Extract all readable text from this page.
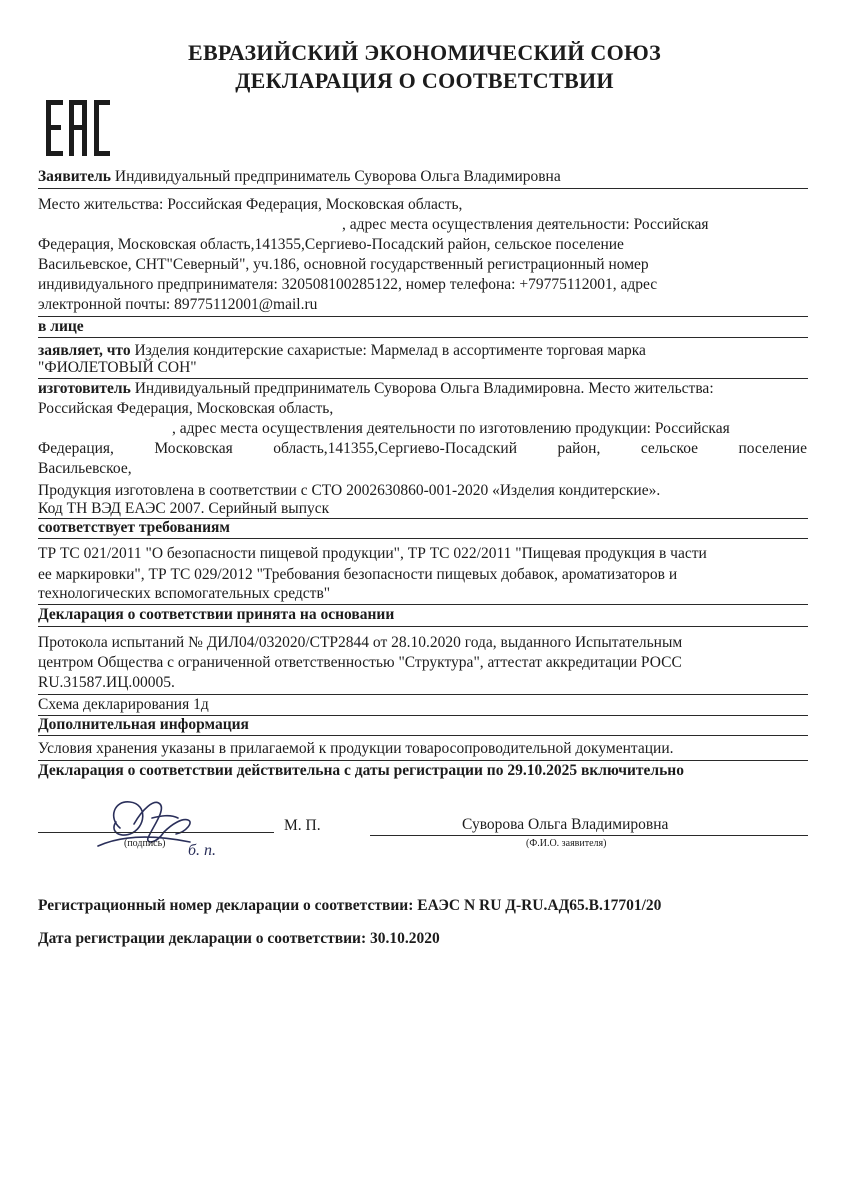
ЕВРАЗИЙСКИЙ ЭКОНОМИЧЕСКИЙ СОЮЗ
ДЕКЛАРАЦИЯ О СООТВЕТСТВИИ
Заявитель Индивидуальный предприниматель Суворова Ольга Владимировна
Место жительства: Российская Федерация, Московская область,
, адрес места осуществления деятельности: Российская
Федерация, Московская область,141355,Сергиево-Посадский район, сельское поселение
Васильевское, СНТ"Северный", уч.186, основной государственный регистрационный номер
индивидуального предпринимателя: 320508100285122, номер телефона: +79775112001, адрес
электронной почты: 89775112001@mail.ru
в лице
заявляет, что Изделия кондитерские сахаристые: Мармелад в ассортименте торговая марка
"ФИОЛЕТОВЫЙ СОН"
изготовитель Индивидуальный предприниматель Суворова Ольга Владимировна. Место жительства:
Российская Федерация, Московская область,
, адрес места осуществления деятельности по изготовлению продукции: Российская
Федерация,	Московская	область,141355,Сергиево-Посадский	район,	сельское	поселение
Васильевское,
Продукция изготовлена в соответствии с СТО 2002630860-001-2020 «Изделия кондитерские».
Код ТН ВЭД ЕАЭС 2007. Серийный выпуск
соответствует требованиям
ТР ТС 021/2011 "О безопасности пищевой продукции", ТР ТС 022/2011 "Пищевая продукция в части
ее маркировки", ТР ТС 029/2012 "Требования безопасности пищевых добавок, ароматизаторов и
технологических вспомогательных средств"
Декларация о соответствии принята на основании
Протокола испытаний № ДИЛ04/032020/СТР2844 от 28.10.2020 года, выданного Испытательным
центром Общества с ограниченной ответственностью "Структура", аттестат аккредитации РОСС
RU.31587.ИЦ.00005.
Схема декларирования 1д
Дополнительная информация
Условия хранения указаны в прилагаемой к продукции товаросопроводительной документации.
Декларация о соответствии действительна с даты регистрации по 29.10.2025 включительно
(подпись)
М. П.
б. п.
Суворова Ольга Владимировна
(Ф.И.О. заявителя)
Регистрационный номер декларации о соответствии: ЕАЭС N RU Д-RU.АД65.В.17701/20
Дата регистрации декларации о соответствии: 30.10.2020
